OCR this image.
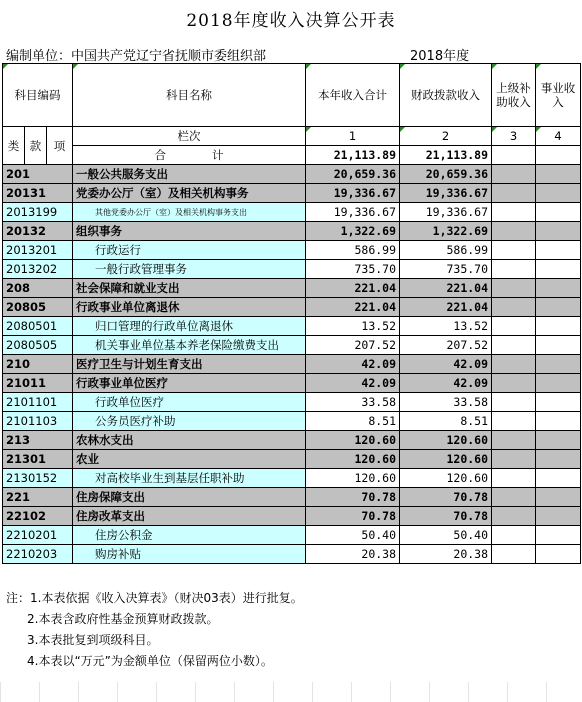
2018年度收入决算公开表
编制单位：中国共产党辽宁省抚顺市委组织部	2018年度
科目编码			科目名称	本年收入合计	财政拨款收入	上级补助收入	事业收入
类	款	项	栏次	1	2	3	4
			合　　　　计	21,113.89	21,113.89		
201			一般公共服务支出	20,659.36	20,659.36		
20131			党委办公厅（室）及相关机构事务	19,336.67	19,336.67		
2013199			其他党委办公厅（室）及相关机构事务支出	19,336.67	19,336.67		
20132			组织事务	1,322.69	1,322.69		
2013201			行政运行	586.99	586.99		
2013202			一般行政管理事务	735.70	735.70		
208			社会保障和就业支出	221.04	221.04		
20805			行政事业单位离退休	221.04	221.04		
2080501			归口管理的行政单位离退休	13.52	13.52		
2080505			机关事业单位基本养老保险缴费支出	207.52	207.52		
210			医疗卫生与计划生育支出	42.09	42.09		
21011			行政事业单位医疗	42.09	42.09		
2101101			行政单位医疗	33.58	33.58		
2101103			公务员医疗补助	8.51	8.51		
213			农林水支出	120.60	120.60		
21301			农业	120.60	120.60		
2130152			对高校毕业生到基层任职补助	120.60	120.60		
221			住房保障支出	70.78	70.78		
22102			住房改革支出	70.78	70.78		
2210201			住房公积金	50.40	50.40		
2210203			购房补贴	20.38	20.38		
注：1.本表依据《收入决算表》（财决03表）进行批复。
2.本表含政府性基金预算财政拨款。
3.本表批复到项级科目。
4.本表以“万元”为金额单位（保留两位小数）。
